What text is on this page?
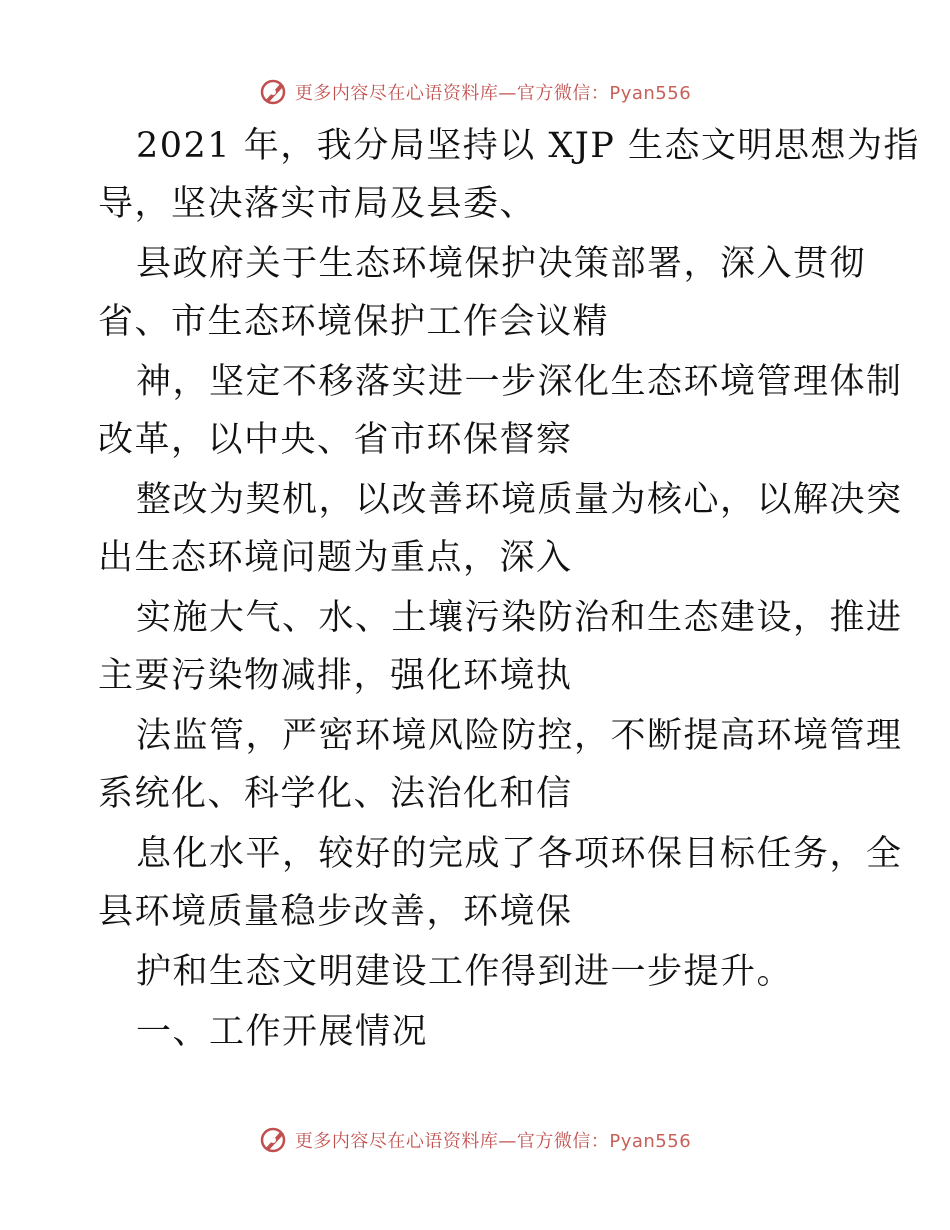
更多内容尽在心语资料库—官方微信：Pyan556
2021 年，我分局坚持以 XJP 生态文明思想为指
导，坚决落实市局及县委、
县政府关于生态环境保护决策部署，深入贯彻
省、市生态环境保护工作会议精
神，坚定不移落实进一步深化生态环境管理体制
改革，以中央、省市环保督察
整改为契机，以改善环境质量为核心，以解决突
出生态环境问题为重点，深入
实施大气、水、土壤污染防治和生态建设，推进
主要污染物减排，强化环境执
法监管，严密环境风险防控，不断提高环境管理
系统化、科学化、法治化和信
息化水平，较好的完成了各项环保目标任务，全
县环境质量稳步改善，环境保
护和生态文明建设工作得到进一步提升。
一、工作开展情况
更多内容尽在心语资料库—官方微信：Pyan556
